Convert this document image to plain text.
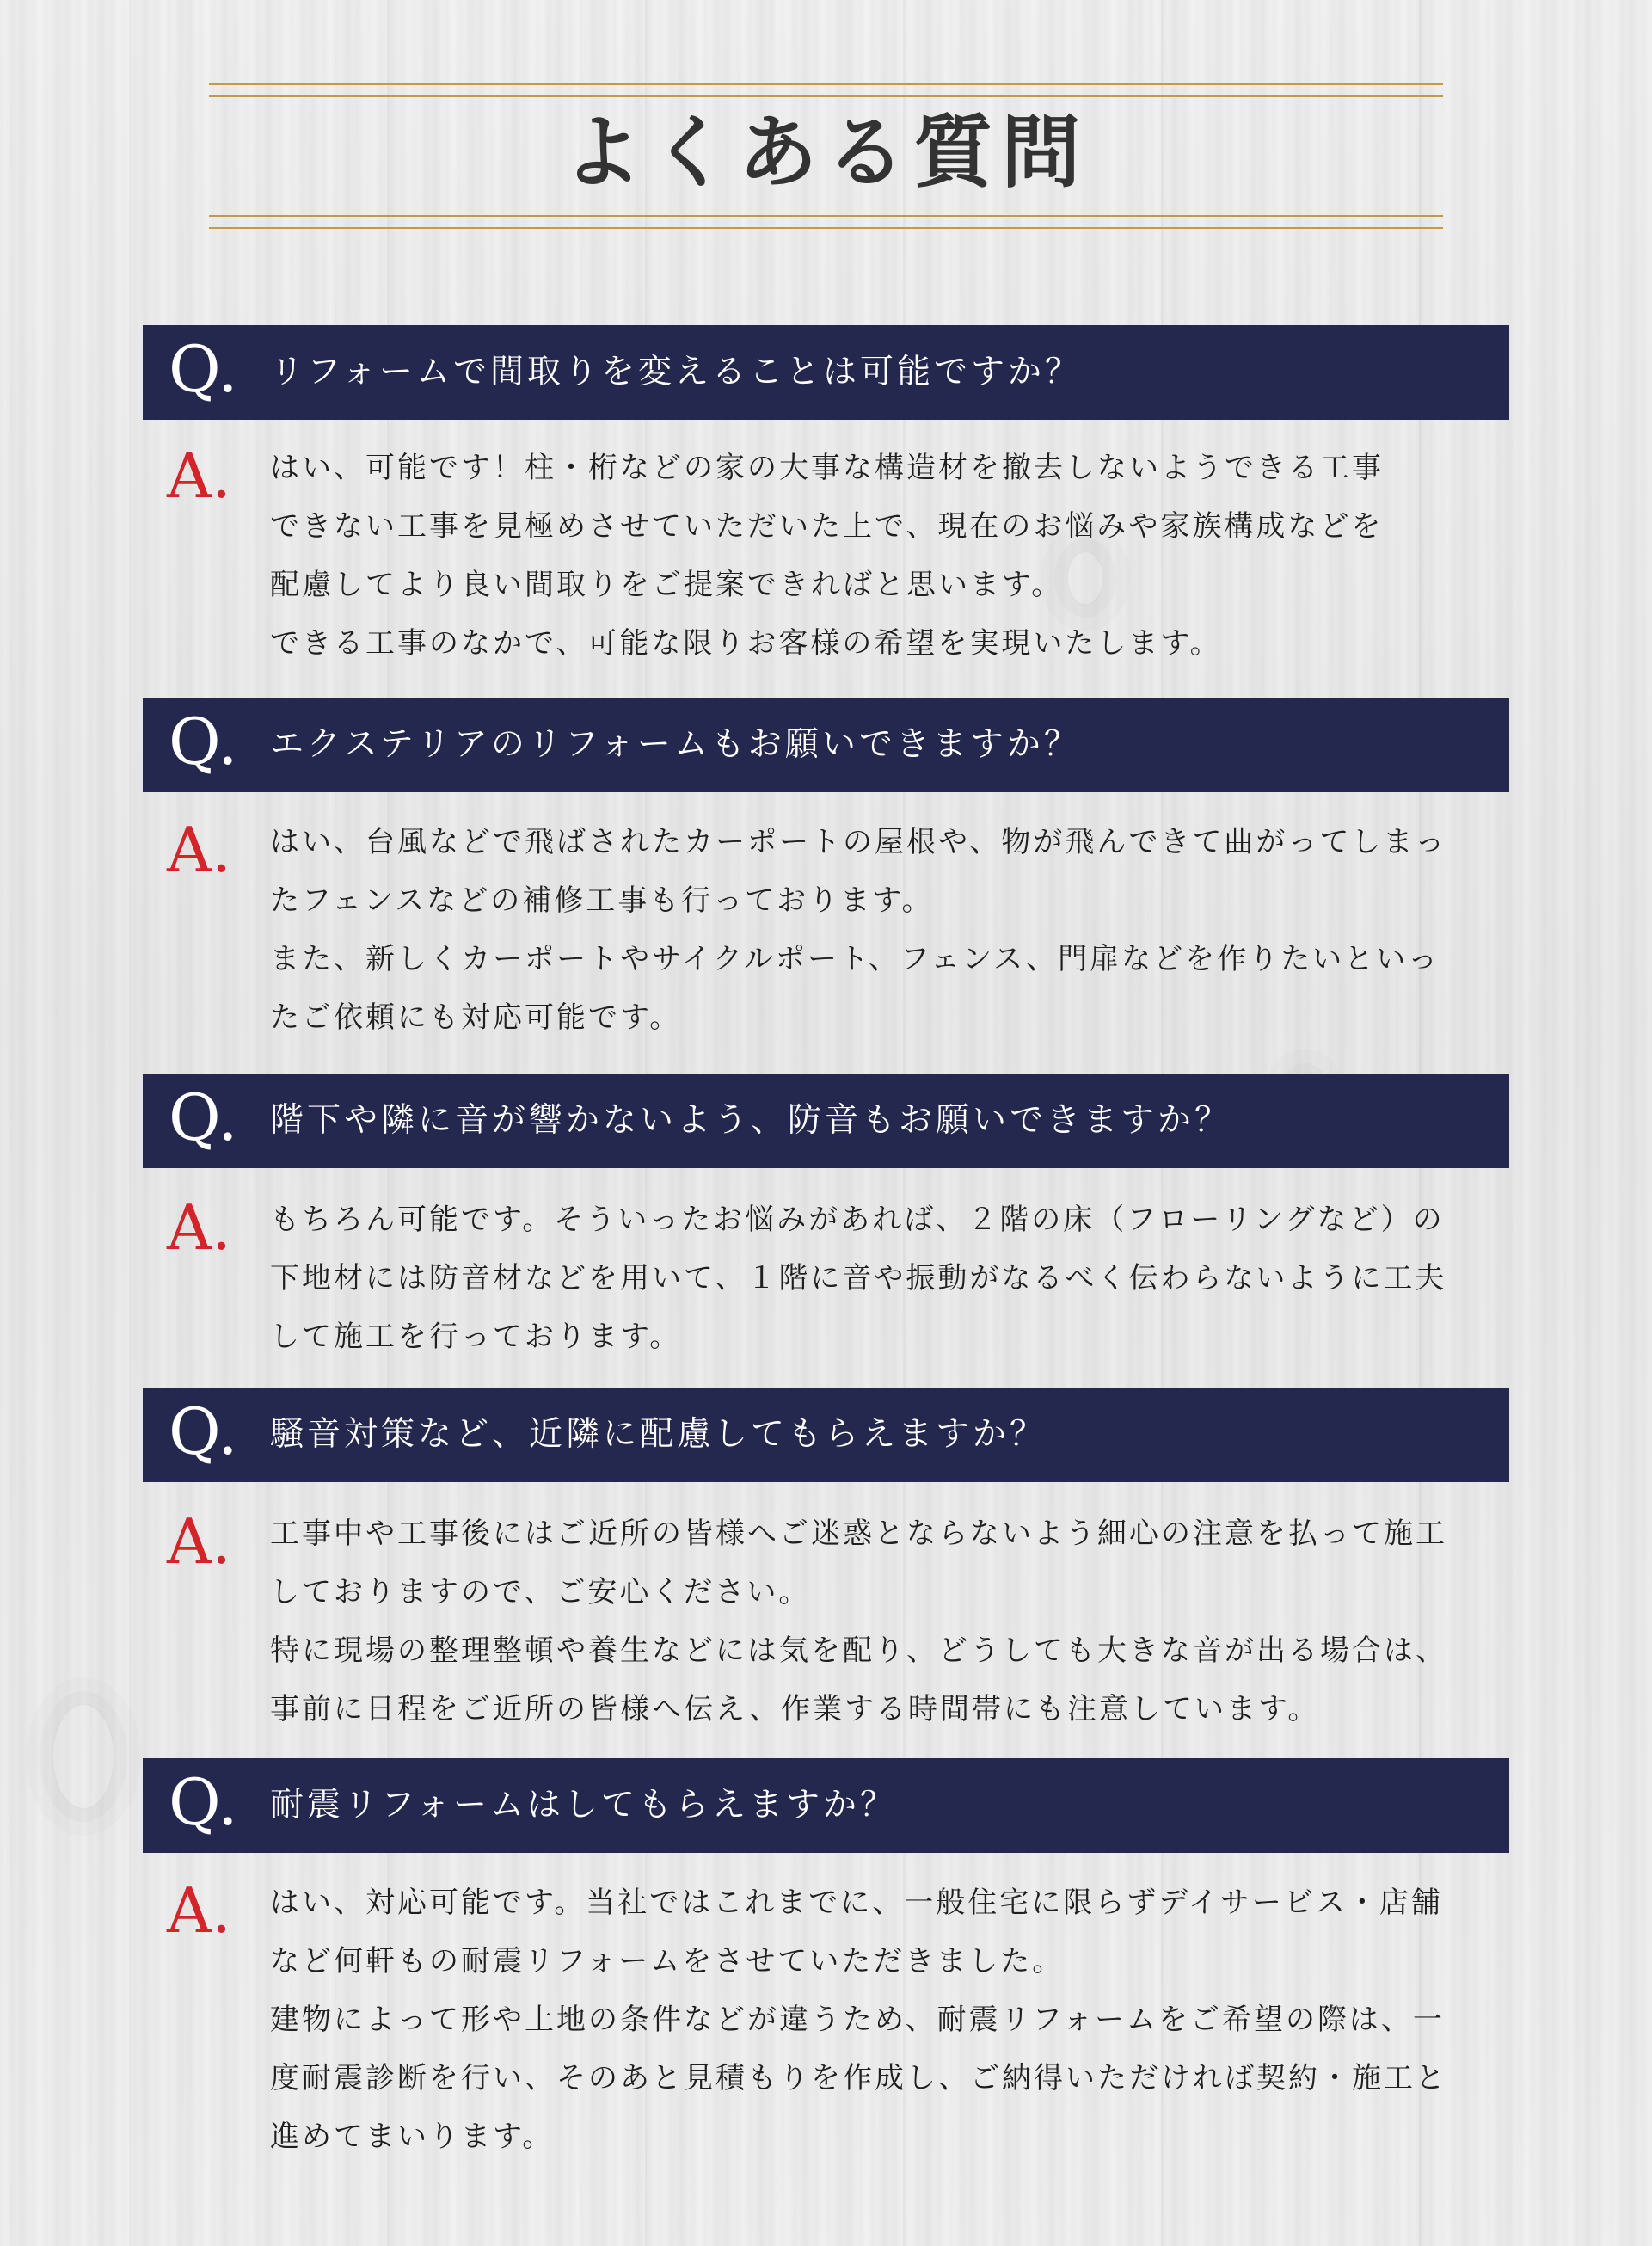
よくある質問
Q. リフォームで間取りを変えることは可能ですか？
A. はい、可能です！柱・桁などの家の大事な構造材を撤去しないようできる工事
できない工事を見極めさせていただいた上で、現在のお悩みや家族構成などを
配慮してより良い間取りをご提案できればと思います。
できる工事のなかで、可能な限りお客様の希望を実現いたします。
Q. エクステリアのリフォームもお願いできますか？
A. はい、台風などで飛ばされたカーポートの屋根や、物が飛んできて曲がってしまっ
たフェンスなどの補修工事も行っております。
また、新しくカーポートやサイクルポート、フェンス、門扉などを作りたいといっ
たご依頼にも対応可能です。
Q. 階下や隣に音が響かないよう、防音もお願いできますか？
A. もちろん可能です。そういったお悩みがあれば、２階の床（フローリングなど）の
下地材には防音材などを用いて、１階に音や振動がなるべく伝わらないように工夫
して施工を行っております。
Q. 騒音対策など、近隣に配慮してもらえますか？
A. 工事中や工事後にはご近所の皆様へご迷惑とならないよう細心の注意を払って施工
しておりますので、ご安心ください。
特に現場の整理整頓や養生などには気を配り、どうしても大きな音が出る場合は、
事前に日程をご近所の皆様へ伝え、作業する時間帯にも注意しています。
Q. 耐震リフォームはしてもらえますか？
A. はい、対応可能です。当社ではこれまでに、一般住宅に限らずデイサービス・店舗
など何軒もの耐震リフォームをさせていただきました。
建物によって形や土地の条件などが違うため、耐震リフォームをご希望の際は、一
度耐震診断を行い、そのあと見積もりを作成し、ご納得いただければ契約・施工と
進めてまいります。
